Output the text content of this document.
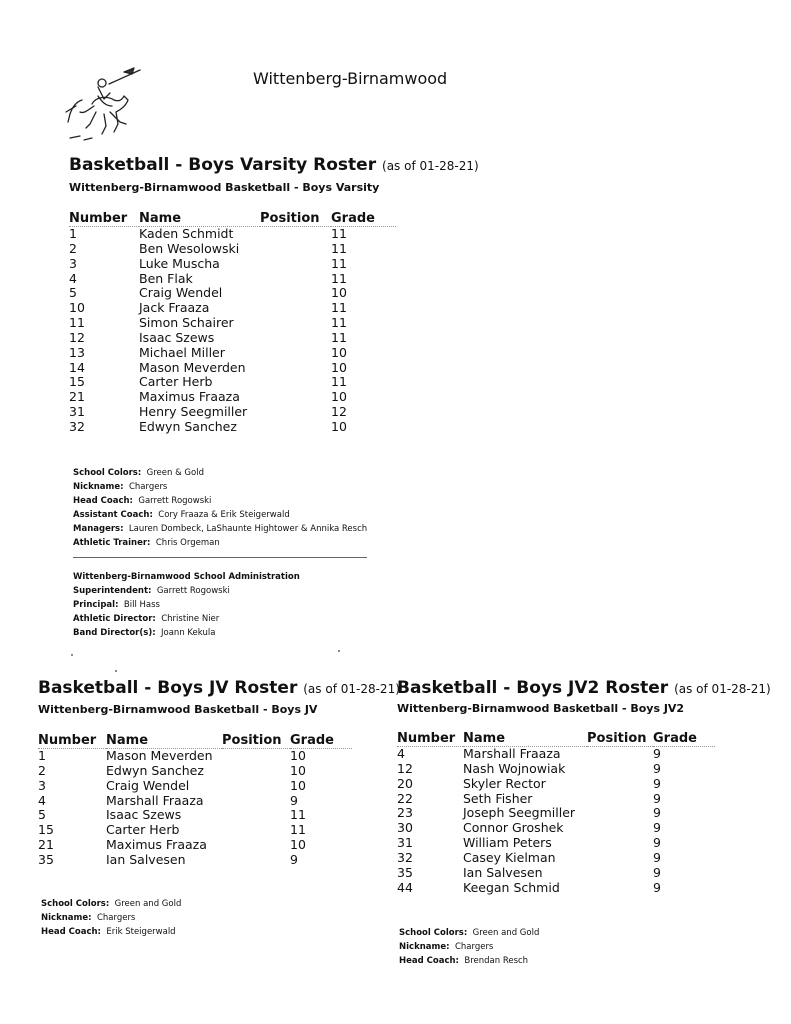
Wittenberg-Birnamwood
Basketball - Boys Varsity Roster (as of 01-28-21)
Wittenberg-Birnamwood Basketball - Boys Varsity
Number	Name	Position	Grade
1	Kaden Schmidt		11
2	Ben Wesolowski		11
3	Luke Muscha		11
4	Ben Flak		11
5	Craig Wendel		10
10	Jack Fraaza		11
11	Simon Schairer		11
12	Isaac Szews		11
13	Michael Miller		10
14	Mason Meverden		10
15	Carter Herb		11
21	Maximus Fraaza		10
31	Henry Seegmiller		12
32	Edwyn Sanchez		10
School Colors: Green & Gold
Nickname: Chargers
Head Coach: Garrett Rogowski
Assistant Coach: Cory Fraaza & Erik Steigerwald
Managers: Lauren Dombeck, LaShaunte Hightower & Annika Resch
Athletic Trainer: Chris Orgeman
Wittenberg-Birnamwood School Administration
Superintendent: Garrett Rogowski
Principal: Bill Hass
Athletic Director: Christine Nier
Band Director(s): Joann Kekula
Basketball - Boys JV Roster (as of 01-28-21)
Wittenberg-Birnamwood Basketball - Boys JV
Number	Name	Position	Grade
1	Mason Meverden		10
2	Edwyn Sanchez		10
3	Craig Wendel		10
4	Marshall Fraaza		9
5	Isaac Szews		11
15	Carter Herb		11
21	Maximus Fraaza		10
35	Ian Salvesen		9
School Colors: Green and Gold
Nickname: Chargers
Head Coach: Erik Steigerwald
Basketball - Boys JV2 Roster (as of 01-28-21)
Wittenberg-Birnamwood Basketball - Boys JV2
Number	Name	Position	Grade
4	Marshall Fraaza		9
12	Nash Wojnowiak		9
20	Skyler Rector		9
22	Seth Fisher		9
23	Joseph Seegmiller		9
30	Connor Groshek		9
31	William Peters		9
32	Casey Kielman		9
35	Ian Salvesen		9
44	Keegan Schmid		9
School Colors: Green and Gold
Nickname: Chargers
Head Coach: Brendan Resch
